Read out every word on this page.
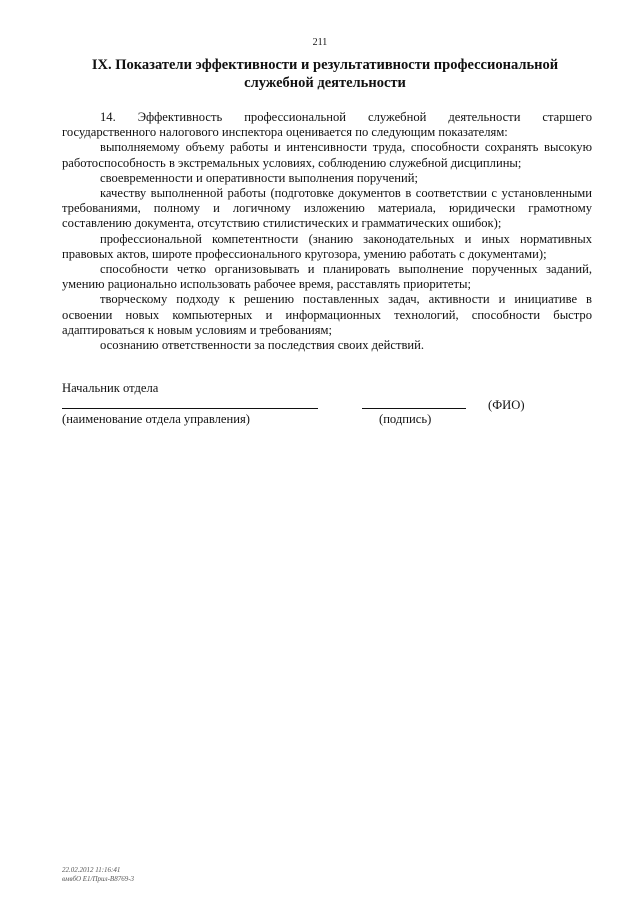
211
IX. Показатели эффективности и результативности профессиональной
служебной деятельности

14. Эффективность профессиональной служебной деятельности старшего государственного налогового инспектора оценивается по следующим показателям:

выполняемому объему работы и интенсивности труда, способности сохранять высокую работоспособность в экстремальных условиях, соблюдению служебной дисциплины;

своевременности и оперативности выполнения поручений;

качеству выполненной работы (подготовке документов в соответствии с установленными требованиями, полному и логичному изложению материала, юридически грамотному составлению документа, отсутствию стилистических и грамматических ошибок);

профессиональной компетентности (знанию законодательных и иных нормативных правовых актов, широте профессионального кругозора, умению работать с документами);

способности четко организовывать и планировать выполнение порученных заданий, умению рационально использовать рабочее время, расставлять приоритеты;

творческому подходу к решению поставленных задач, активности и инициативе в освоении новых компьютерных и информационных технологий, способности быстро адаптироваться к новым условиям и требованиям;

осознанию ответственности за последствия своих действий.

Начальник отдела
(ФИО)
(наименование отдела управления)	(подпись)
22.02.2012 11:16:41
вмвбО Е1/Прил-В8769-3
